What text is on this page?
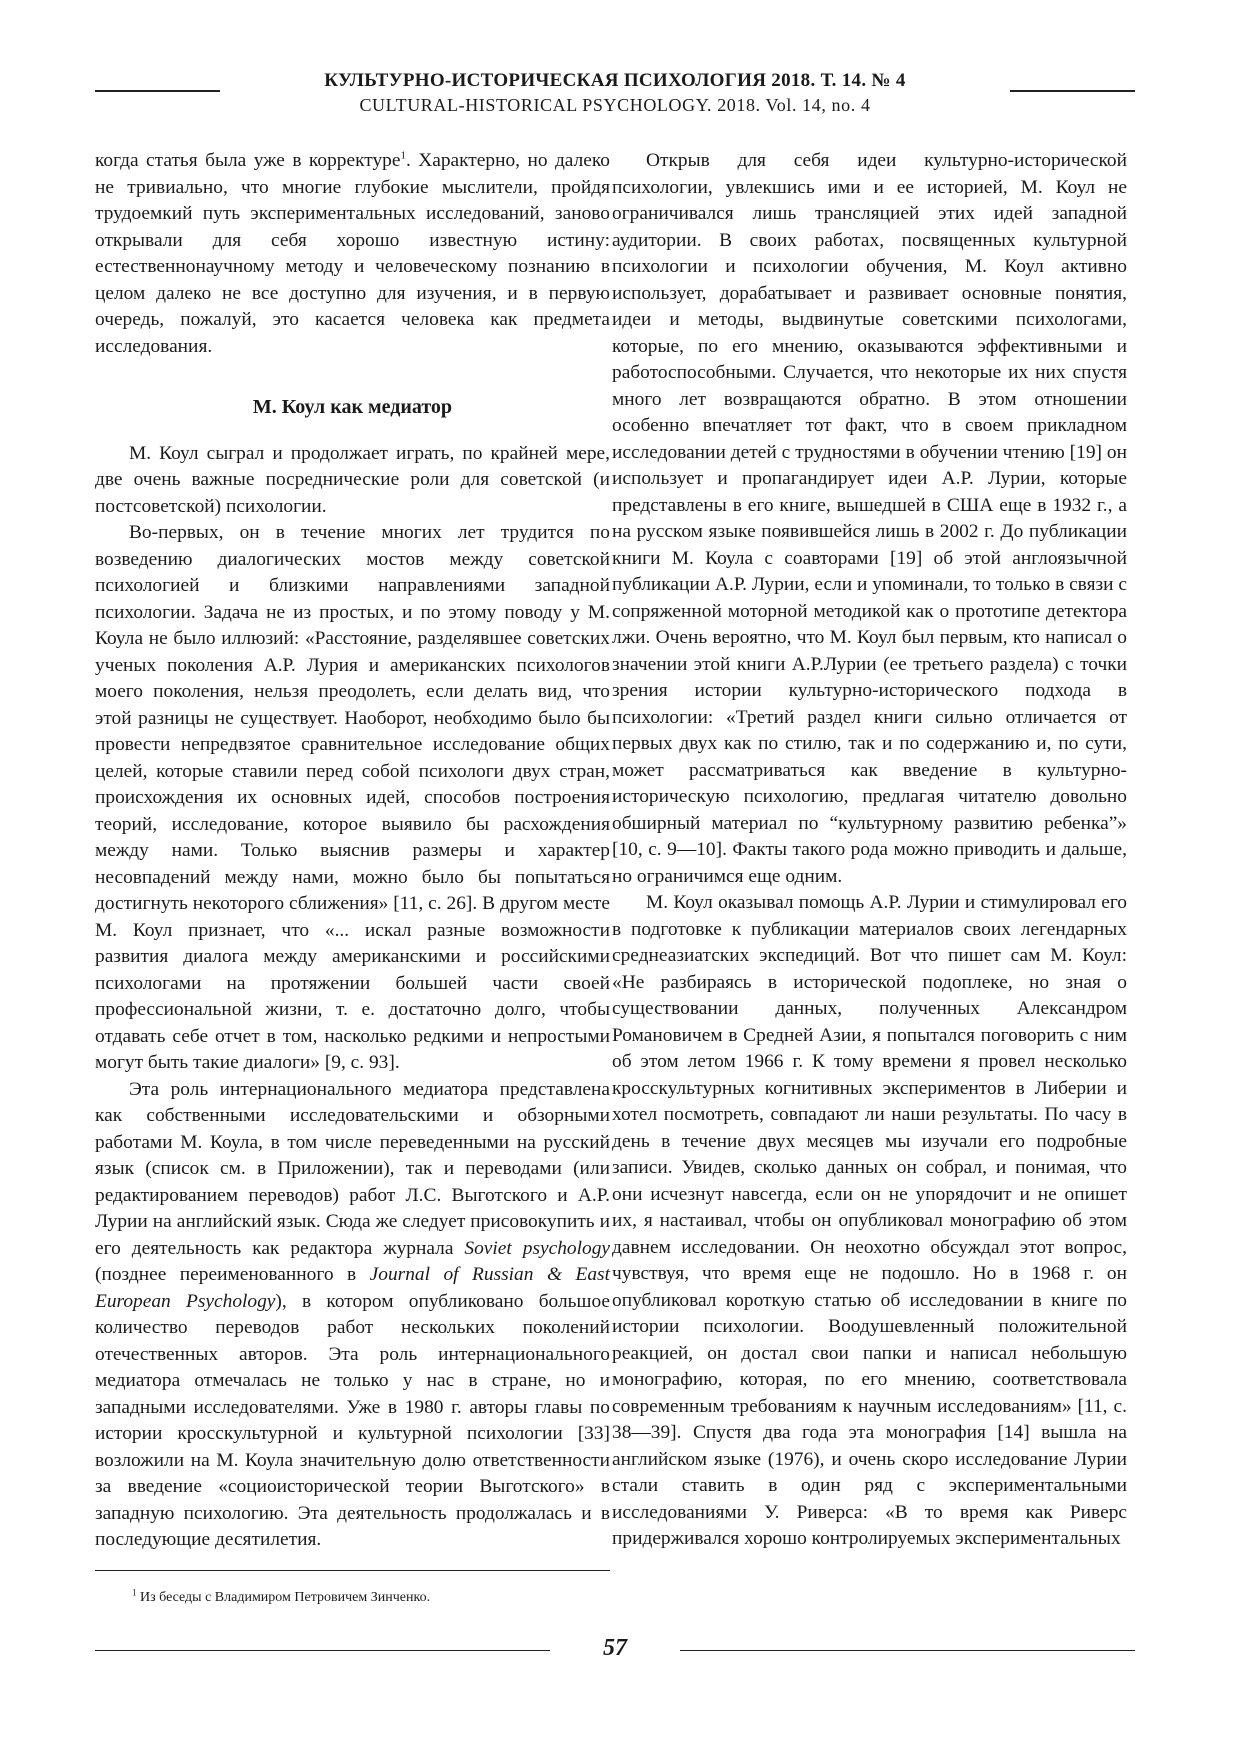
КУЛЬТУРНО-ИСТОРИЧЕСКАЯ ПСИХОЛОГИЯ 2018. Т. 14. № 4
CULTURAL-HISTORICAL PSYCHOLOGY. 2018. Vol. 14, no. 4

когда статья была уже в корректуре$^1$. Характерно, но далеко не тривиально, что многие глубокие мыслители, пройдя трудоемкий путь экспериментальных исследований, заново открывали для себя хорошо известную истину: естественнонаучному методу и человеческому познанию в целом далеко не все доступно для изучения, и в первую очередь, пожалуй, это касается человека как предмета исследования.

М. Коул как медиатор

М. Коул сыграл и продолжает играть, по крайней мере, две очень важные посреднические роли для советской (и постсоветской) психологии.

Во-первых, он в течение многих лет трудится по возведению диалогических мостов между советской психологией и близкими направлениями западной психологии. Задача не из простых, и по этому поводу у М. Коула не было иллюзий: «Расстояние, разделявшее советских ученых поколения А.Р. Лурия и американских психологов моего поколения, нельзя преодолеть, если делать вид, что этой разницы не существует. Наоборот, необходимо было бы провести непредвзятое сравнительное исследование общих целей, которые ставили перед собой психологи двух стран, происхождения их основных идей, способов построения теорий, исследование, которое выявило бы расхождения между нами. Только выяснив размеры и характер несовпадений между нами, можно было бы попытаться достигнуть некоторого сближения» [11, с. 26]. В другом месте М. Коул признает, что «... искал разные возможности развития диалога между американскими и российскими психологами на протяжении большей части своей профессиональной жизни, т. е. достаточно долго, чтобы отдавать себе отчет в том, насколько редкими и непростыми могут быть такие диалоги» [9, с. 93].

Эта роль интернационального медиатора представлена как собственными исследовательскими и обзорными работами М. Коула, в том числе переведенными на русский язык (список см. в Приложении), так и переводами (или редактированием переводов) работ Л.С. Выготского и А.Р. Лурии на английский язык. Сюда же следует присовокупить и его деятельность как редактора журнала Soviet psychology (позднее переименованного в Journal of Russian & East European Psychology), в котором опубликовано большое количество переводов работ нескольких поколений отечественных авторов. Эта роль интернационального медиатора отмечалась не только у нас в стране, но и западными исследователями. Уже в 1980 г. авторы главы по истории кросскультурной и культурной психологии [33] возложили на М. Коула значительную долю ответственности за введение «социоисторической теории Выготского» в западную психологию. Эта деятельность продолжалась и в последующие десятилетия.

Открыв для себя идеи культурно-исторической психологии, увлекшись ими и ее историей, М. Коул не ограничивался лишь трансляцией этих идей западной аудитории. В своих работах, посвященных культурной психологии и психологии обучения, М. Коул активно использует, дорабатывает и развивает основные понятия, идеи и методы, выдвинутые советскими психологами, которые, по его мнению, оказываются эффективными и работоспособными. Случается, что некоторые их них спустя много лет возвращаются обратно. В этом отношении особенно впечатляет тот факт, что в своем прикладном исследовании детей с трудностями в обучении чтению [19] он использует и пропагандирует идеи А.Р. Лурии, которые представлены в его книге, вышедшей в США еще в 1932 г., а на русском языке появившейся лишь в 2002 г. До публикации книги М. Коула с соавторами [19] об этой англоязычной публикации А.Р. Лурии, если и упоминали, то только в связи с сопряженной моторной методикой как о прототипе детектора лжи. Очень вероятно, что М. Коул был первым, кто написал о значении этой книги А.Р.Лурии (ее третьего раздела) с точки зрения истории культурно-исторического подхода в психологии: «Третий раздел книги сильно отличается от первых двух как по стилю, так и по содержанию и, по сути, может рассматриваться как введение в культурно-историческую психологию, предлагая читателю довольно обширный материал по “культурному развитию ребенка”» [10, с. 9—10]. Факты такого рода можно приводить и дальше, но ограничимся еще одним.

М. Коул оказывал помощь А.Р. Лурии и стимулировал его в подготовке к публикации материалов своих легендарных среднеазиатских экспедиций. Вот что пишет сам М. Коул: «Не разбираясь в исторической подоплеке, но зная о существовании данных, полученных Александром Романовичем в Средней Азии, я попытался поговорить с ним об этом летом 1966 г. К тому времени я провел несколько кросскультурных когнитивных экспериментов в Либерии и хотел посмотреть, совпадают ли наши результаты. По часу в день в течение двух месяцев мы изучали его подробные записи. Увидев, сколько данных он собрал, и понимая, что они исчезнут навсегда, если он не упорядочит и не опишет их, я настаивал, чтобы он опубликовал монографию об этом давнем исследовании. Он неохотно обсуждал этот вопрос, чувствуя, что время еще не подошло. Но в 1968 г. он опубликовал короткую статью об исследовании в книге по истории психологии. Воодушевленный положительной реакцией, он достал свои папки и написал небольшую монографию, которая, по его мнению, соответствовала современным требованиям к научным исследованиям» [11, с. 38—39]. Спустя два года эта монография [14] вышла на английском языке (1976), и очень скоро исследование Лурии стали ставить в один ряд с экспериментальными исследованиями У. Риверса: «В то время как Риверс придерживался хорошо контролируемых экспериментальных

$^1$ Из беседы с Владимиром Петровичем Зинченко.
57
